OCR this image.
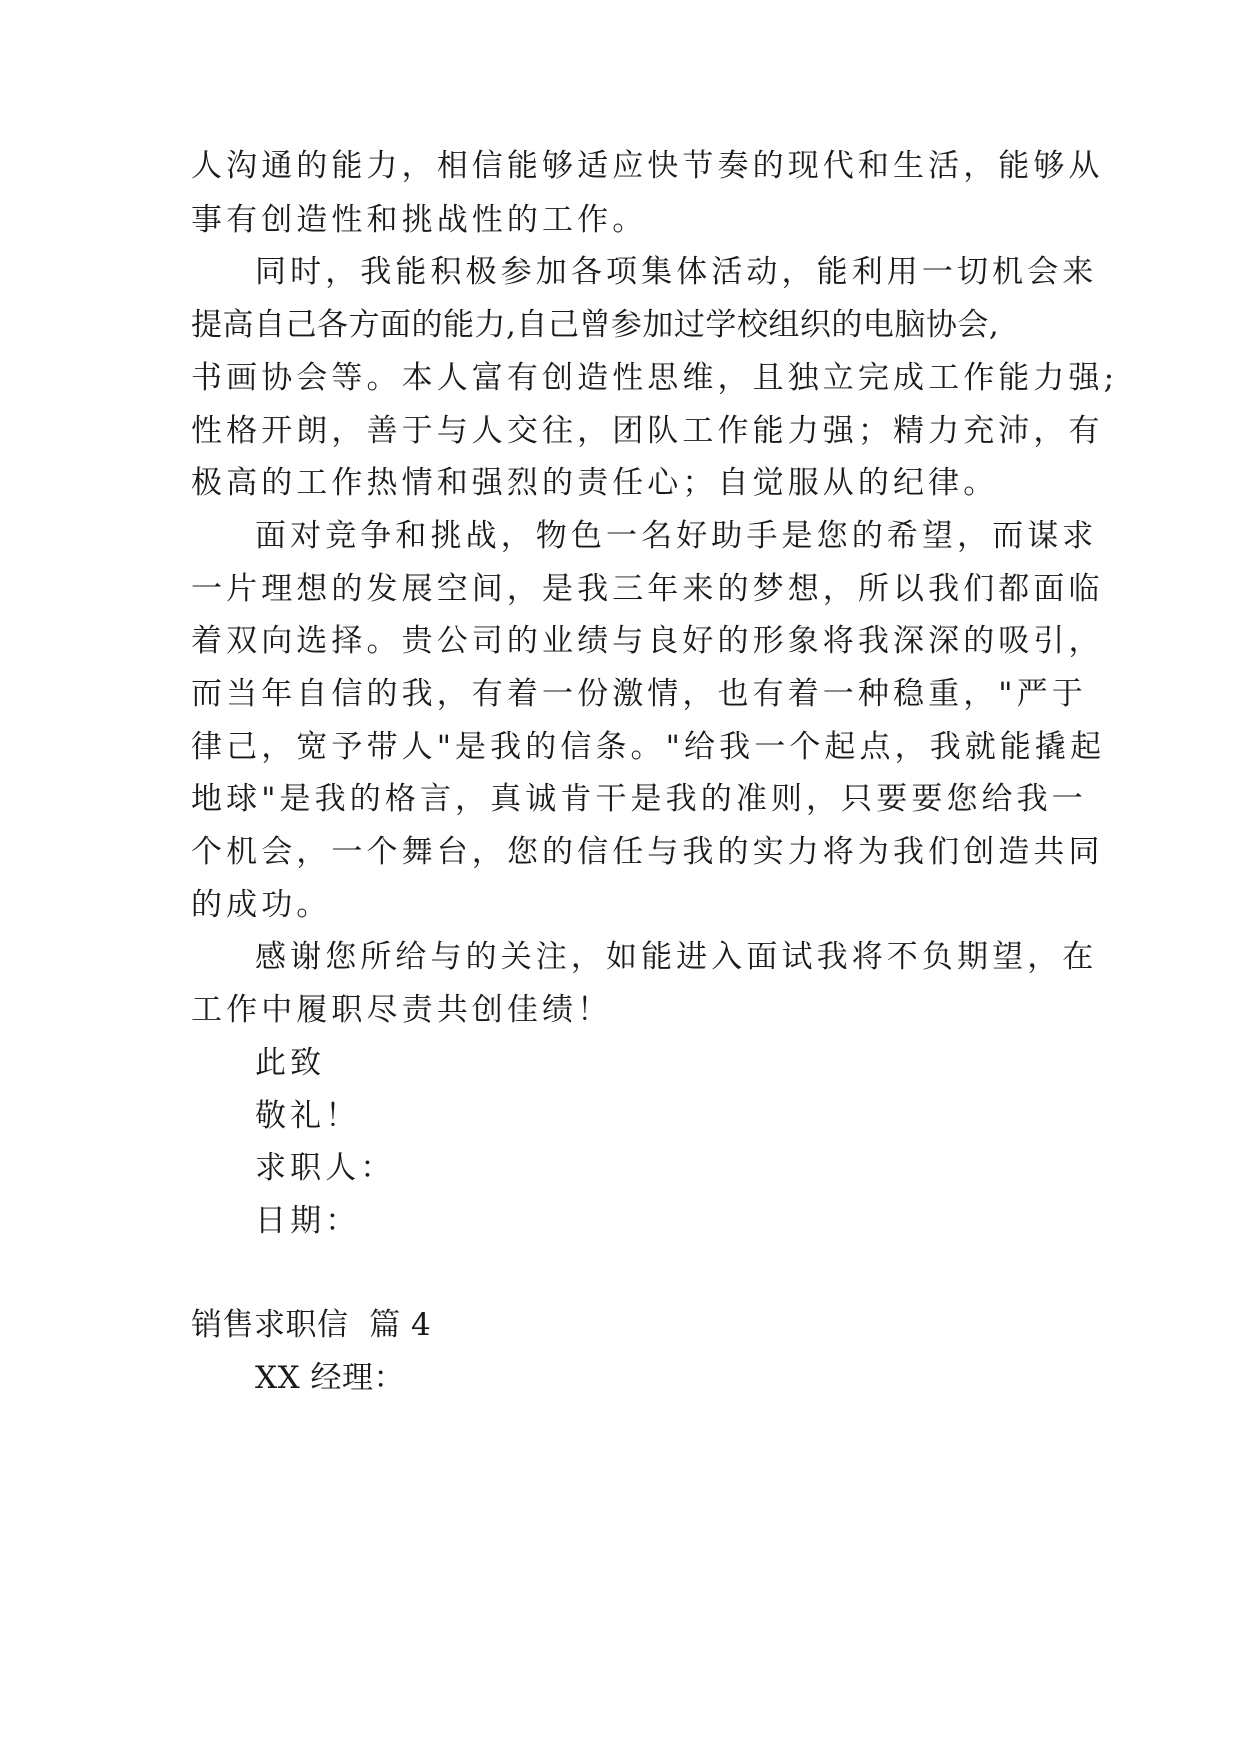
人沟通的能力，相信能够适应快节奏的现代和生活，能够从
事有创造性和挑战性的工作。
同时，我能积极参加各项集体活动，能利用一切机会来
提高自己各方面的能力,自己曾参加过学校组织的电脑协会,
书画协会等。本人富有创造性思维，且独立完成工作能力强;
性格开朗，善于与人交往，团队工作能力强；精力充沛，有
极高的工作热情和强烈的责任心；自觉服从的纪律。
面对竞争和挑战，物色一名好助手是您的希望，而谋求
一片理想的发展空间，是我三年来的梦想，所以我们都面临
着双向选择。贵公司的业绩与良好的形象将我深深的吸引，
而当年自信的我，有着一份激情，也有着一种稳重，"严于
律己，宽予带人"是我的信条。"给我一个起点，我就能撬起
地球"是我的格言，真诚肯干是我的准则，只要要您给我一
个机会，一个舞台，您的信任与我的实力将为我们创造共同
的成功。
感谢您所给与的关注，如能进入面试我将不负期望，在
工作中履职尽责共创佳绩！
此致
敬礼！
求职人：
日期：
销售求职信  篇 4
XX 经理：
